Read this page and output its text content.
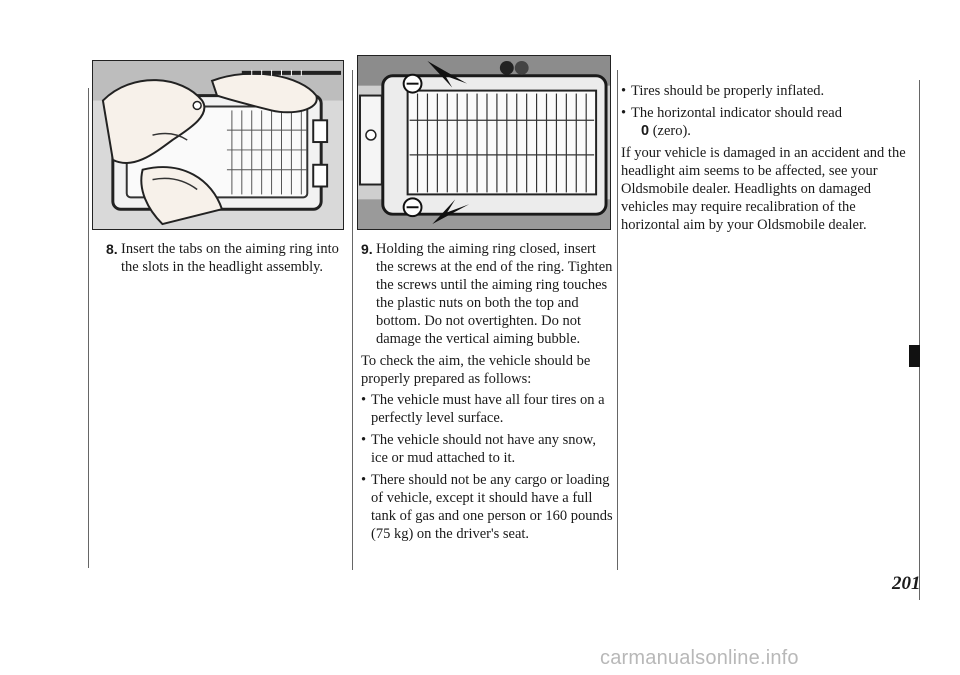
8. Insert the tabs on the aiming ring into the slots in the headlight assembly.
9. Holding the aiming ring closed, insert the screws at the end of the ring. Tighten the screws until the aiming ring touches the plastic nuts on both the top and bottom. Do not overtighten. Do not damage the vertical aiming bubble.

To check the aim, the vehicle should be properly prepared as follows:

• The vehicle must have all four tires on a perfectly level surface.
• The vehicle should not have any snow, ice or mud attached to it.
• There should not be any cargo or loading of vehicle, except it should have a full tank of gas and one person or 160 pounds (75 kg) on the driver's seat.
• Tires should be properly inflated.
• The horizontal indicator should read
0 (zero).

If your vehicle is damaged in an accident and the headlight aim seems to be affected, see your Oldsmobile dealer. Headlights on damaged vehicles may require recalibration of the horizontal aim by your Oldsmobile dealer.

201
carmanualsonline.info
